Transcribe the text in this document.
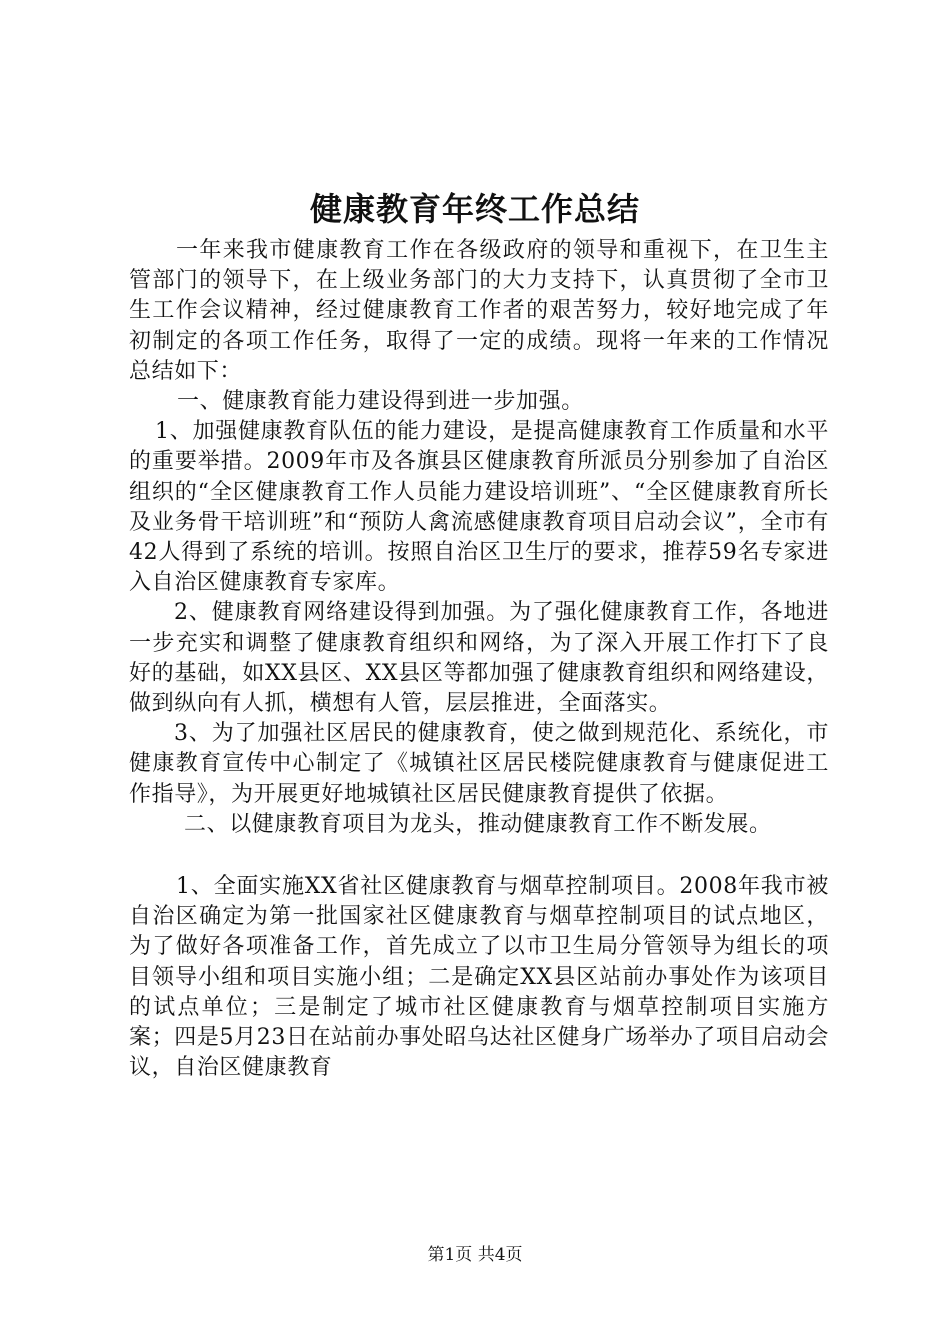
健康教育年终工作总结

一年来我市健康教育工作在各级政府的领导和重视下，在卫生主管部门的领导下，在上级业务部门的大力支持下，认真贯彻了全市卫生工作会议精神，经过健康教育工作者的艰苦努力，较好地完成了年初制定的各项工作任务，取得了一定的成绩。现将一年来的工作情况总结如下：

一、健康教育能力建设得到进一步加强。

1、加强健康教育队伍的能力建设，是提高健康教育工作质量和水平的重要举措。2009年市及各旗县区健康教育所派员分别参加了自治区组织的“全区健康教育工作人员能力建设培训班”、“全区健康教育所长及业务骨干培训班”和“预防人禽流感健康教育项目启动会议”，全市有42人得到了系统的培训。按照自治区卫生厅的要求，推荐59名专家进入自治区健康教育专家库。

2、健康教育网络建设得到加强。为了强化健康教育工作，各地进一步充实和调整了健康教育组织和网络，为了深入开展工作打下了良好的基础，如XX县区、XX县区等都加强了健康教育组织和网络建设，做到纵向有人抓，横想有人管，层层推进，全面落实。

3、为了加强社区居民的健康教育，使之做到规范化、系统化，市健康教育宣传中心制定了《城镇社区居民楼院健康教育与健康促进工作指导》，为开展更好地城镇社区居民健康教育提供了依据。

二、以健康教育项目为龙头，推动健康教育工作不断发展。

1、全面实施XX省社区健康教育与烟草控制项目。2008年我市被自治区确定为第一批国家社区健康教育与烟草控制项目的试点地区，为了做好各项准备工作，首先成立了以市卫生局分管领导为组长的项目领导小组和项目实施小组；二是确定XX县区站前办事处作为该项目的试点单位；三是制定了城市社区健康教育与烟草控制项目实施方案；四是5月23日在站前办事处昭乌达社区健身广场举办了项目启动会议，自治区健康教育

第1页 共4页
